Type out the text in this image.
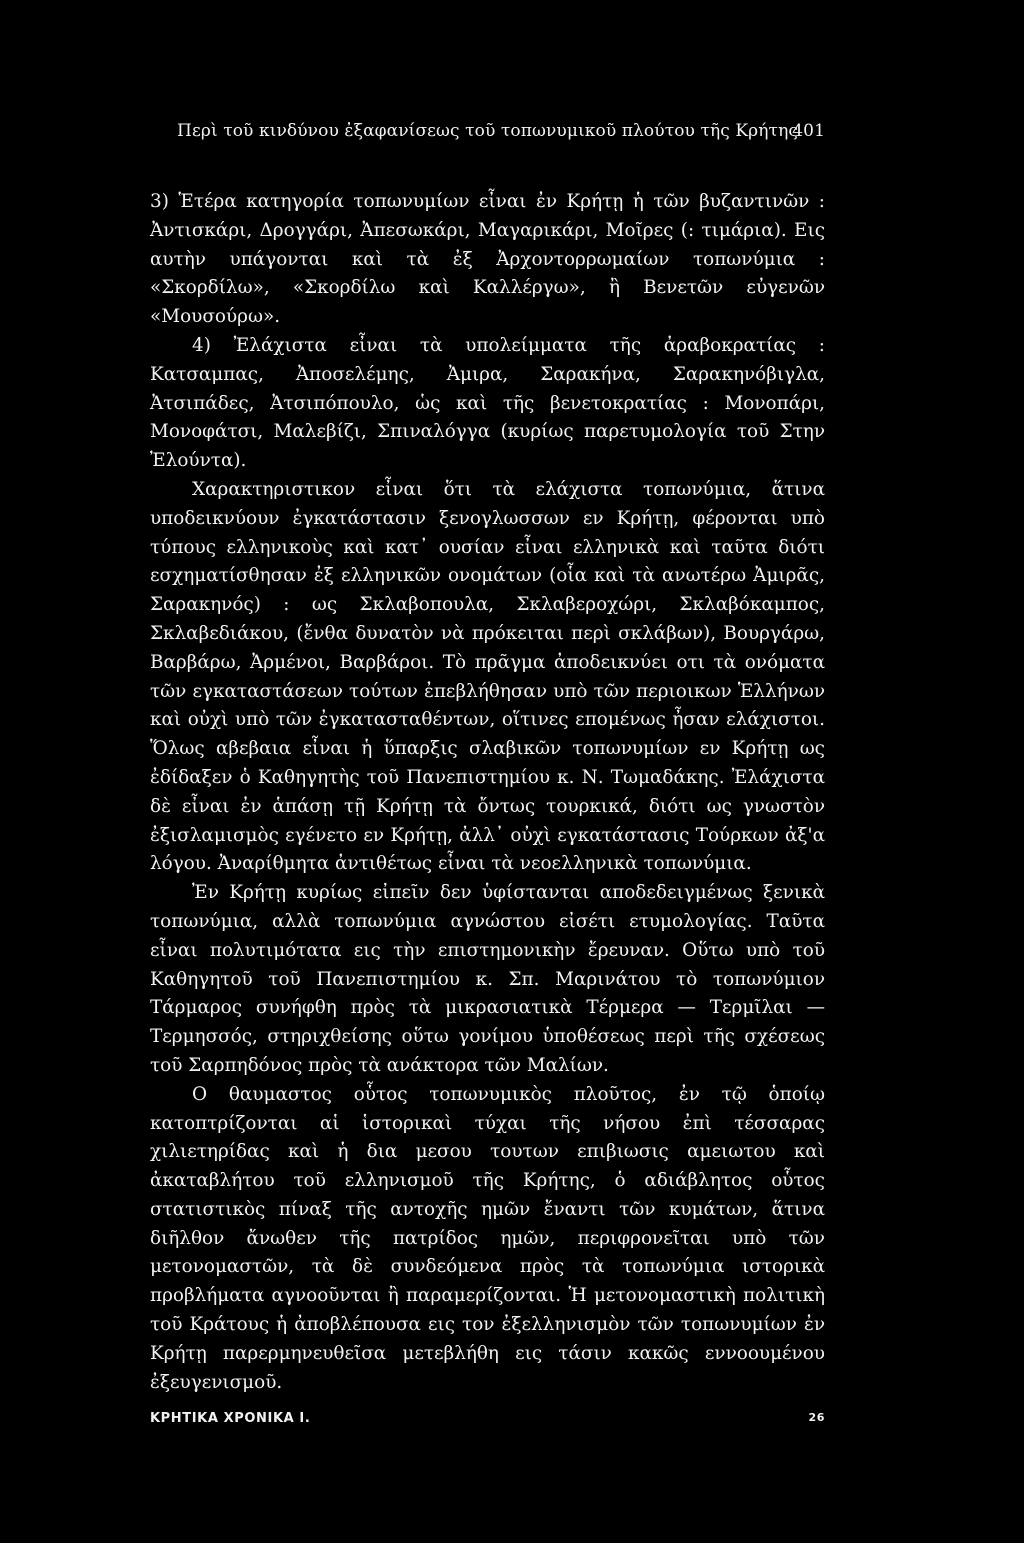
Περὶ τοῦ κινδύνου ἐξαφανίσεως τοῦ τοπωνυμικοῦ πλούτου τῆς Κρήτης
401

3) Ἑτέρα κατηγορία τοπωνυμίων εἶναι ἐν Κρήτῃ ἡ τῶν βυζαντινῶν : Ἀντισκάρι, Δρογγάρι, Ἀπεσωκάρι, Μαγαρικάρι, Μοῖρες (: τιμάρια). Εις αυτὴν υπάγονται καὶ τὰ ἐξ Ἀρχοντορρωμαίων τοπωνύμια : «Σκορδίλω», «Σκορδίλω καὶ Καλλέργω», ἢ Βενετῶν εὐγενῶν «Μουσούρω».

4) Ἐλάχιστα εἶναι τὰ υπολείμματα τῆς ἀραβοκρατίας : Κατσαμπας, Ἀποσελέμης, Ἀμιρα, Σαρακήνα, Σαρακηνόβιγλα, Ἀτσιπάδες, Ἀτσιπόπουλο, ὡς καὶ τῆς βενετοκρατίας : Μονοπάρι, Μονοφάτσι, Μαλεβίζι, Σπιναλόγγα (κυρίως παρετυμολογία τοῦ Στην Ἐλούντα).

Χαρακτηριστικον εἶναι ὅτι τὰ ελάχιστα τοπωνύμια, ἅτινα υποδεικνύουν ἐγκατάστασιν ξενογλωσσων εν Κρήτῃ, φέρονται υπὸ τύπους ελληνικοὺς καὶ κατ᾿ ουσίαν εἶναι ελληνικὰ καὶ ταῦτα διότι εσχηματίσθησαν ἐξ ελληνικῶν ονομάτων (οἷα καὶ τὰ ανωτέρω Ἀμιρᾶς, Σαρακηνός) : ως Σκλαβοπουλα, Σκλαβεροχώρι, Σκλαβόκαμπος, Σκλαβεδιάκου, (ἔνθα δυνατὸν νὰ πρόκειται περὶ σκλάβων), Βουργάρω, Βαρβάρω, Ἀρμένοι, Βαρβάροι. Τὸ πρᾶγμα ἀποδεικνύει οτι τὰ ονόματα τῶν εγκαταστάσεων τούτων ἐπεβλήθησαν υπὸ τῶν περιοικων Ἑλλήνων καὶ οὐχὶ υπὸ τῶν ἐγκατασταθέντων, οἵτινες επομένως ἦσαν ελάχιστοι. Ὅλως αβεβαια εἶναι ἡ ὕπαρξις σλαβικῶν τοπωνυμίων εν Κρήτῃ ως ἐδίδαξεν ὁ Καθηγητὴς τοῦ Πανεπιστημίου κ. Ν. Τωμαδάκης. Ἐλάχιστα δὲ εἶναι ἐν ἁπάσῃ τῇ Κρήτῃ τὰ ὄντως τουρκικά, διότι ως γνωστὸν ἐξισλαμισμὸς εγένετο εν Κρήτῃ, ἀλλ᾿ οὐχὶ εγκατάστασις Τούρκων ἀξ'α λόγου. Ἀναρίθμητα ἀντιθέτως εἶναι τὰ νεοελληνικὰ τοπωνύμια.

Ἐν Κρήτῃ κυρίως εἰπεῖν δεν ὑφίστανται αποδεδειγμένως ξενικὰ τοπωνύμια, αλλὰ τοπωνύμια αγνώστου εἰσέτι ετυμολογίας. Ταῦτα εἶναι πολυτιμότατα εις τὴν επιστημονικὴν ἔρευναν. Οὕτω υπὸ τοῦ Καθηγητοῦ τοῦ Πανεπιστημίου κ. Σπ. Μαρινάτου τὸ τοπωνύμιον Τάρμαρος συνήφθη πρὸς τὰ μικρασιατικὰ Τέρμερα — Τερμῖλαι — Τερμησσός, στηριχθείσης οὕτω γονίμου ὑποθέσεως περὶ τῆς σχέσεως τοῦ Σαρπηδόνος πρὸς τὰ ανάκτορα τῶν Μαλίων.

Ο θαυμαστος οὗτος τοπωνυμικὸς πλοῦτος, ἐν τῷ ὁποίῳ κατοπτρίζονται αἱ ἱστορικαὶ τύχαι τῆς νήσου ἐπὶ τέσσαρας χιλιετηρίδας καὶ ἡ δια μεσου τουτων επιβιωσις αμειωτου καὶ ἀκαταβλήτου τοῦ ελληνισμοῦ τῆς Κρήτης, ὁ αδιάβλητος οὗτος στατιστικὸς πίναξ τῆς αντοχῆς ημῶν ἔναντι τῶν κυμάτων, ἅτινα διῆλθον ἄνωθεν τῆς πατρίδος ημῶν, περιφρονεῖται υπὸ τῶν μετονομαστῶν, τὰ δὲ συνδεόμενα πρὸς τὰ τοπωνύμια ιστορικὰ προβλήματα αγνοοῦνται ἢ παραμερίζονται. Ἡ μετονομαστικὴ πολιτικὴ τοῦ Κράτους ἡ ἀποβλέπουσα εις τον ἐξελληνισμὸν τῶν τοπωνυμίων ἐν Κρήτῃ παρερμηνευθεῖσα μετεβλήθη εις τάσιν κακῶς εννοουμένου ἐξευγενισμοῦ.

ΚΡΗΤΙΚΑ ΧΡΟΝΙΚΑ Ι.	26
